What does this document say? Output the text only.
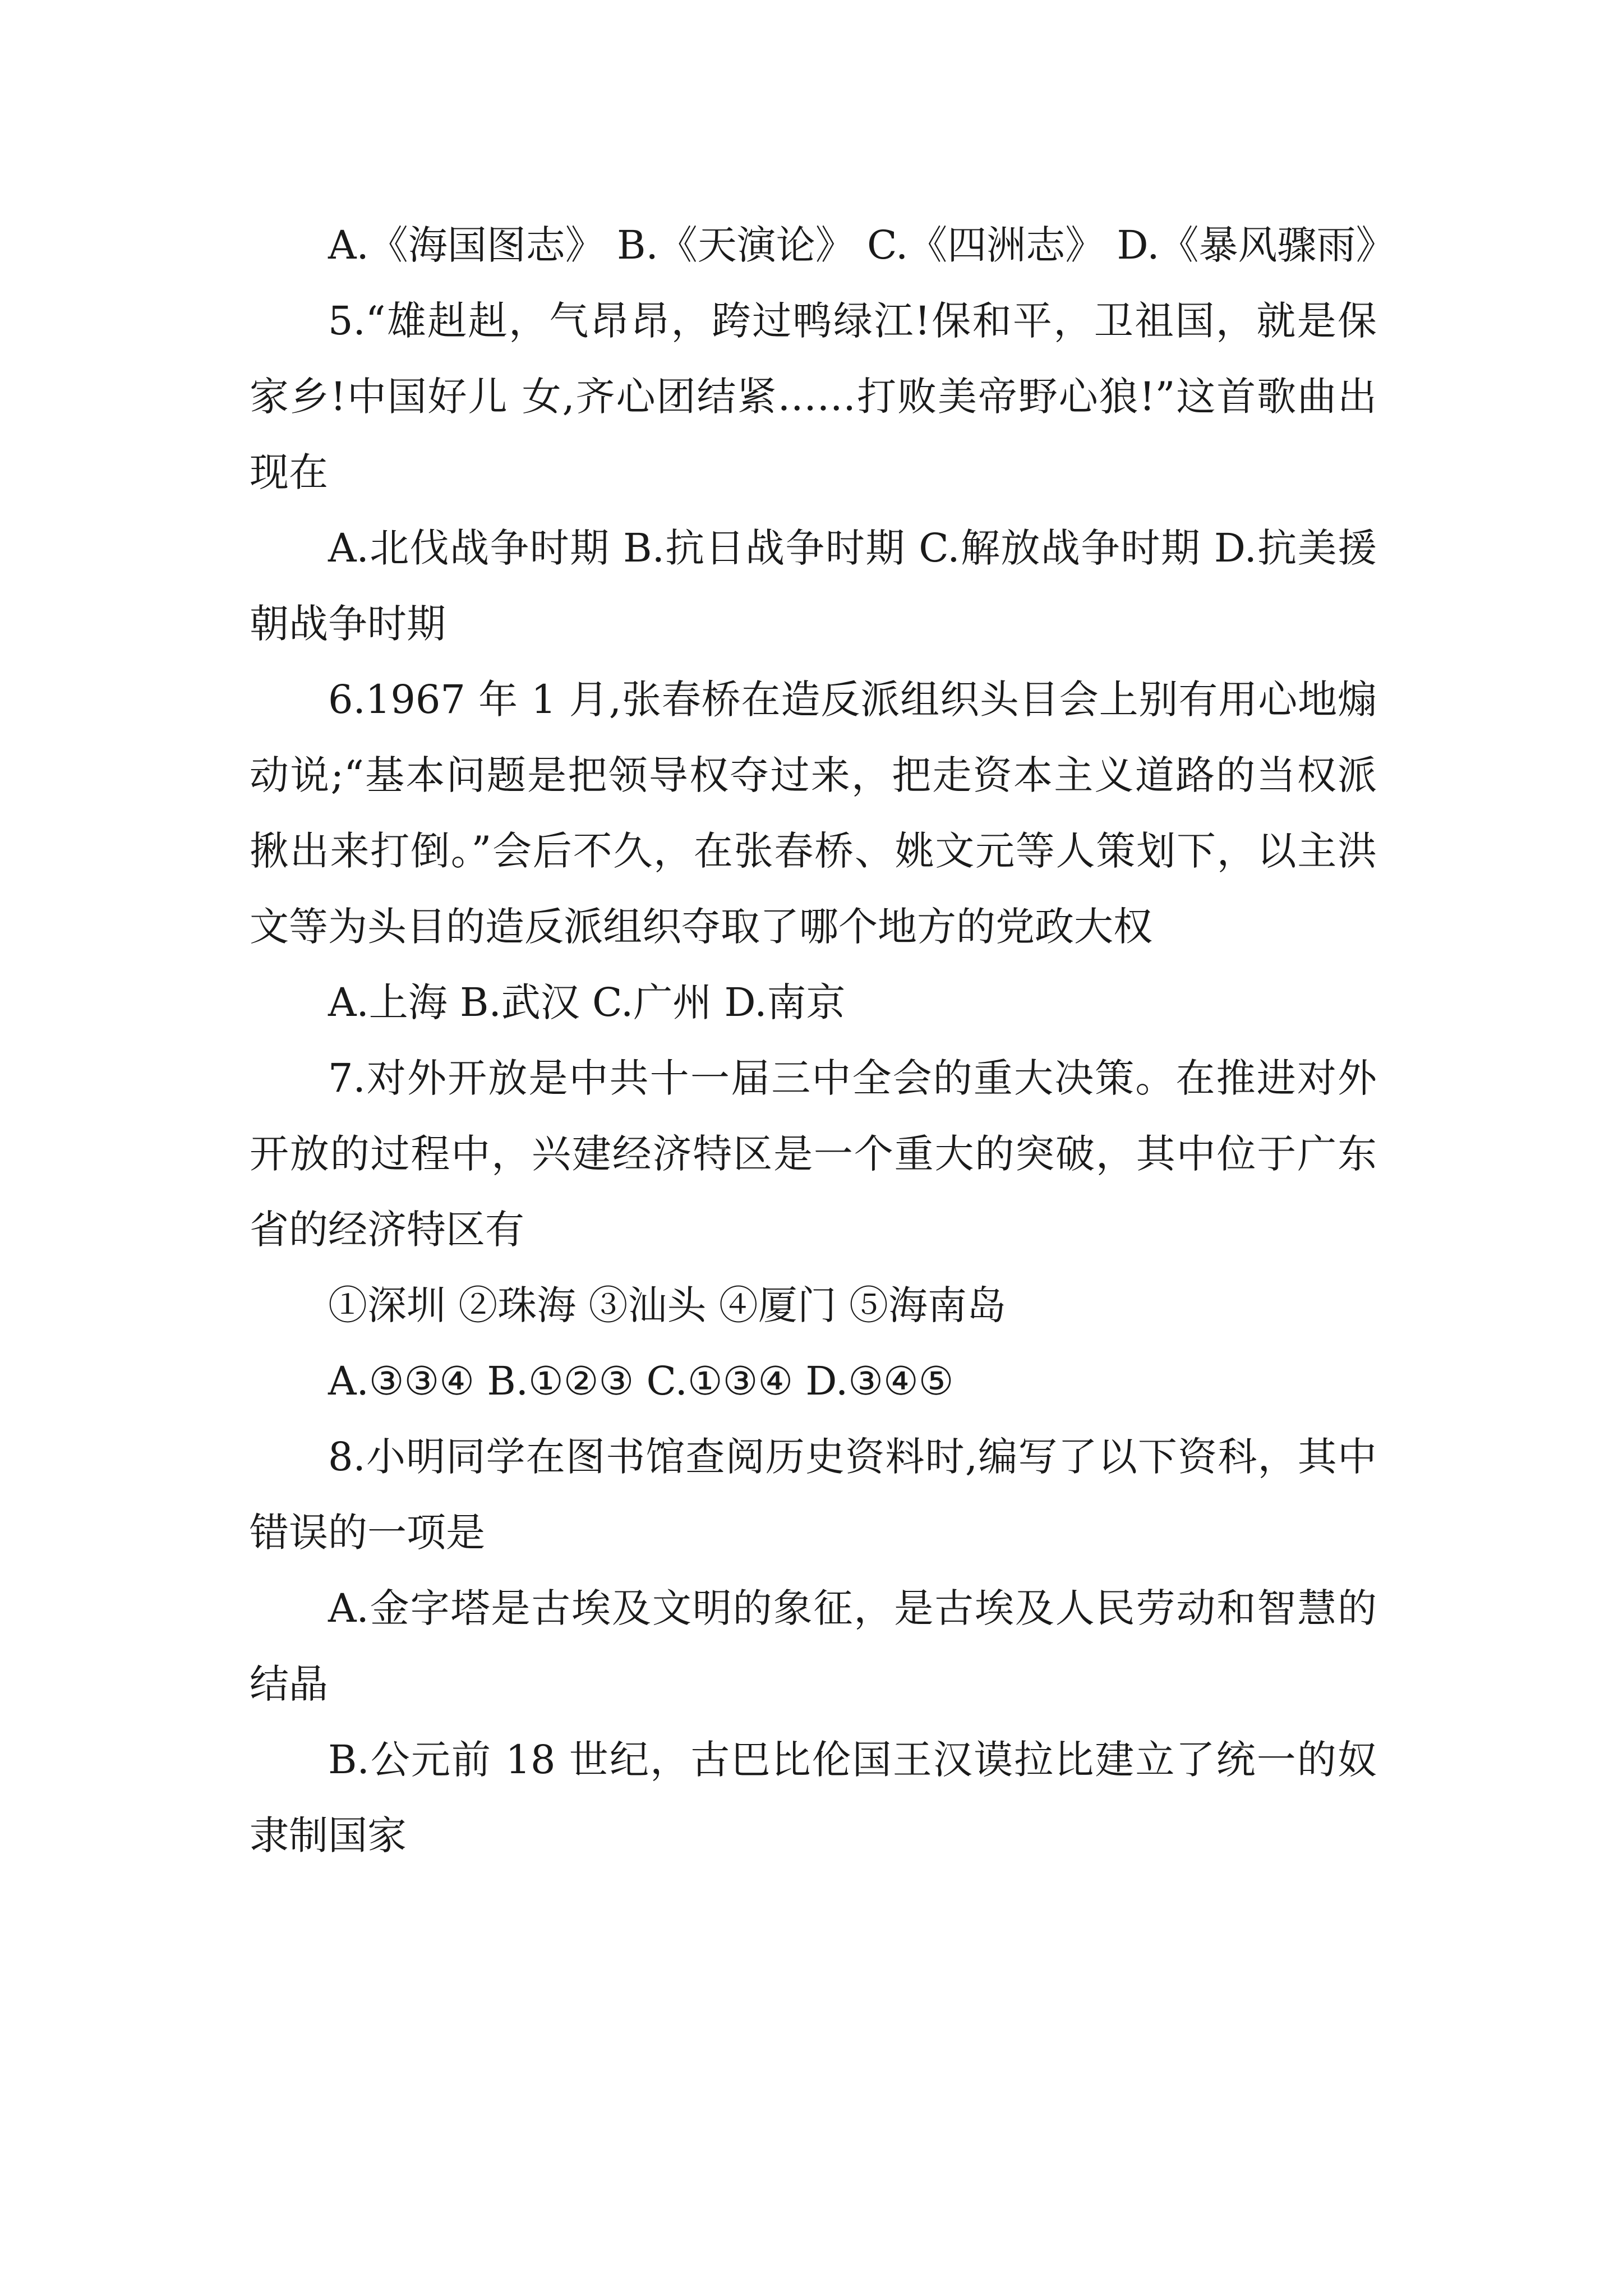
A.《海国图志》 B.《天演论》 C.《四洲志》 D.《暴风骤雨》

5.“雄赳赳，气昂昂，跨过鸭绿江!保和平，卫祖国，就是保家乡!中国好儿 女,齐心团结紧……打败美帝野心狼!”这首歌曲出现在

A.北伐战争时期 B.抗日战争时期 C.解放战争时期 D.抗美援朝战争时期

6.1967 年 1 月,张春桥在造反派组织头目会上别有用心地煽动说;“基本问题是把领导权夺过来，把走资本主义道路的当权派揪出来打倒。”会后不久，在张春桥、姚文元等人策划下，以主洪文等为头目的造反派组织夺取了哪个地方的党政大权

A.上海 B.武汉 C.广州 D.南京

7.对外开放是中共十一届三中全会的重大决策。在推进对外开放的过程中，兴建经济特区是一个重大的突破，其中位于广东省的经济特区有

①深圳 ②珠海 ③汕头 ④厦门 ⑤海南岛

A.③③④ B.①②③ C.①③④ D.③④⑤

8.小明同学在图书馆查阅历史资料时,编写了以下资科，其中错误的一项是

A.金字塔是古埃及文明的象征，是古埃及人民劳动和智慧的结晶

B.公元前 18 世纪，古巴比伦国王汉谟拉比建立了统一的奴隶制国家
